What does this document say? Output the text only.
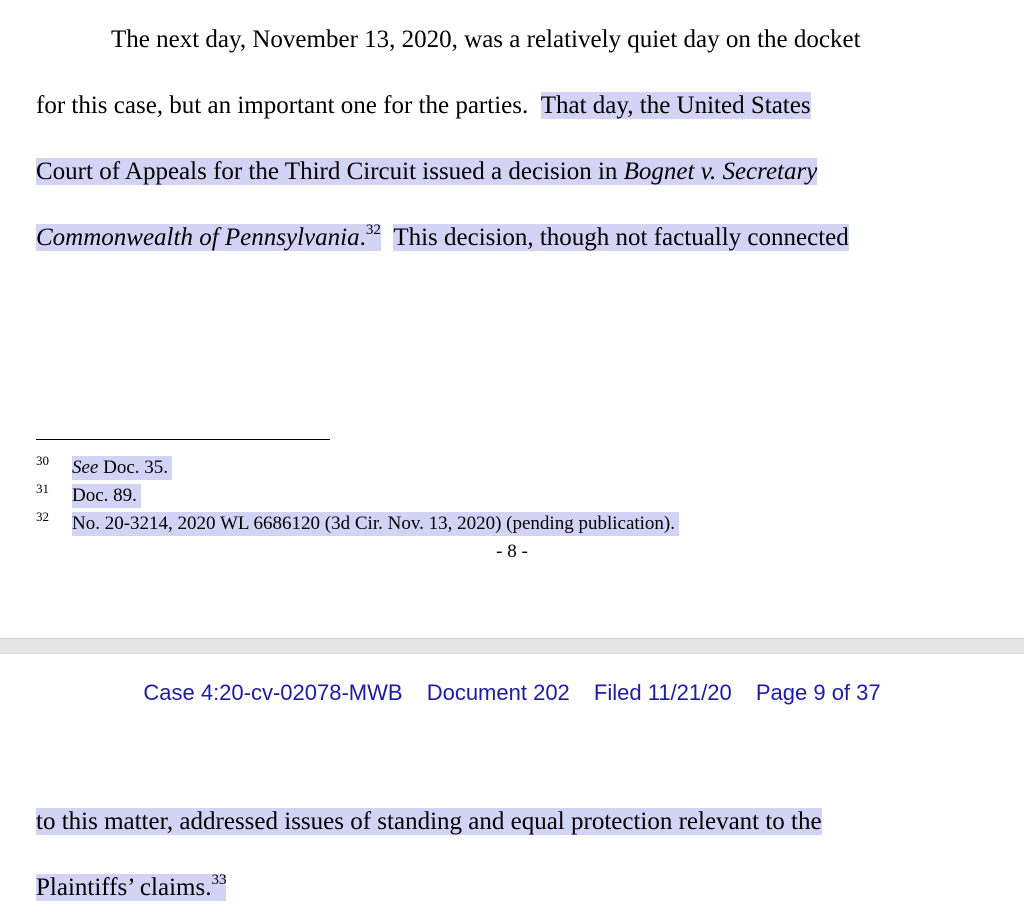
The next day, November 13, 2020, was a relatively quiet day on the docket
for this case, but an important one for the parties. That day, the United States
Court of Appeals for the Third Circuit issued a decision in Bognet v. Secretary
Commonwealth of Pennsylvania.$^{32}$ This decision, though not factually connected
30 See Doc. 35.
31 Doc. 89.
32 No. 20-3214, 2020 WL 6686120 (3d Cir. Nov. 13, 2020) (pending publication).
- 8 -
Case 4:20-cv-02078-MWB Document 202 Filed 11/21/20 Page 9 of 37
to this matter, addressed issues of standing and equal protection relevant to the
Plaintiffs’ claims.$^{33}$
